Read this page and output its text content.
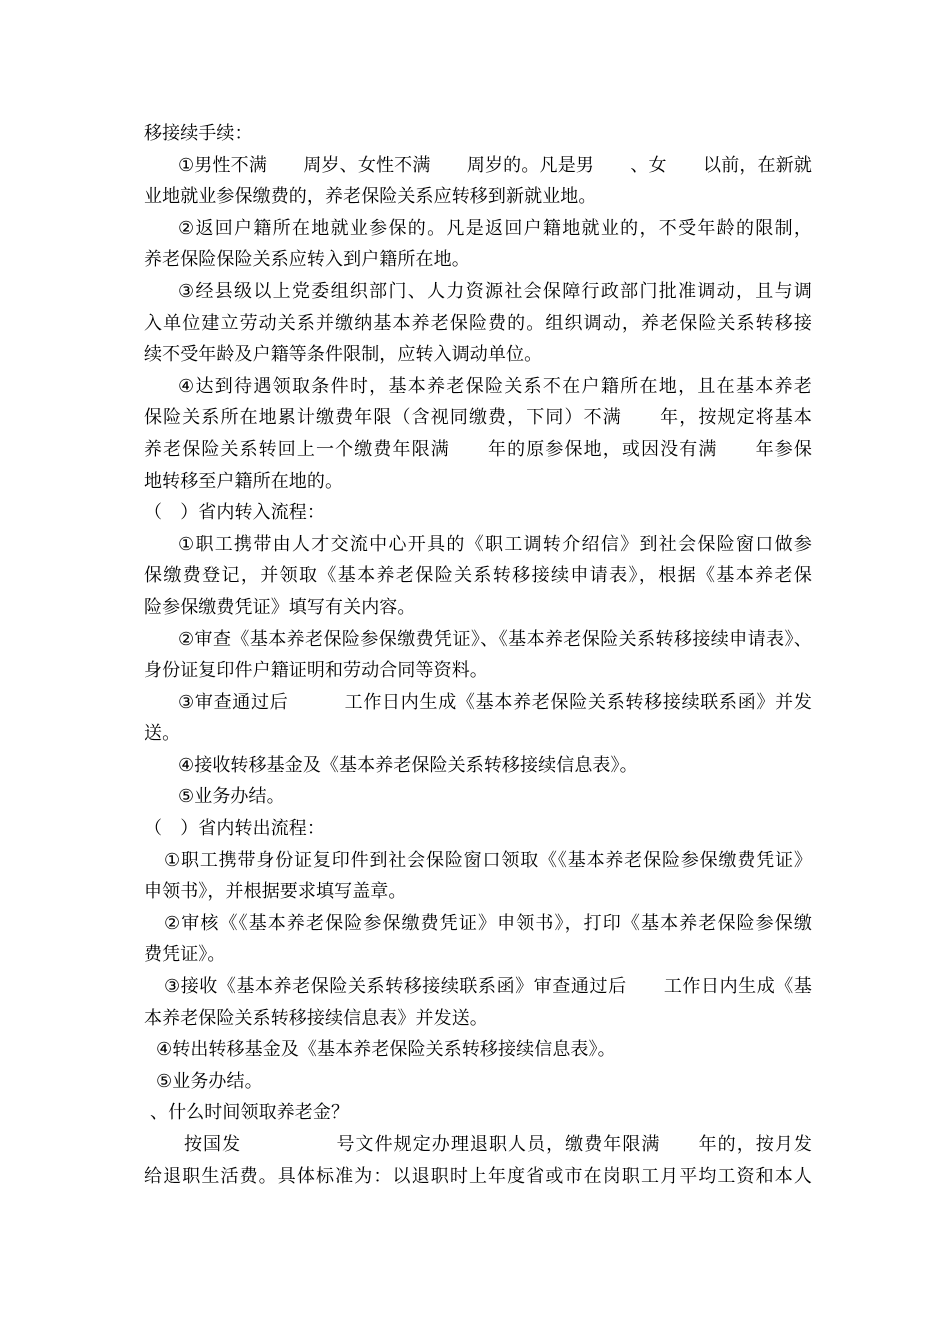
移接续手续：
①男性不满　　周岁、女性不满　　周岁的。凡是男　　、女　　以前，在新就
业地就业参保缴费的，养老保险关系应转移到新就业地。
②返回户籍所在地就业参保的。凡是返回户籍地就业的，不受年龄的限制，
养老保险保险关系应转入到户籍所在地。
③经县级以上党委组织部门、人力资源社会保障行政部门批准调动，且与调
入单位建立劳动关系并缴纳基本养老保险费的。组织调动，养老保险关系转移接
续不受年龄及户籍等条件限制，应转入调动单位。
④达到待遇领取条件时，基本养老保险关系不在户籍所在地，且在基本养老
保险关系所在地累计缴费年限（含视同缴费，下同）不满　　年，按规定将基本
养老保险关系转回上一个缴费年限满　　年的原参保地，或因没有满　　年参保
地转移至户籍所在地的。
（　）省内转入流程：
①职工携带由人才交流中心开具的《职工调转介绍信》到社会保险窗口做参
保缴费登记，并领取《基本养老保险关系转移接续申请表》，根据《基本养老保
险参保缴费凭证》填写有关内容。
②审查《基本养老保险参保缴费凭证》、《基本养老保险关系转移接续申请表》、
身份证复印件户籍证明和劳动合同等资料。
③审查通过后　　　工作日内生成《基本养老保险关系转移接续联系函》并发
送。
④接收转移基金及《基本养老保险关系转移接续信息表》。
⑤业务办结。
（　）省内转出流程：
①职工携带身份证复印件到社会保险窗口领取《《基本养老保险参保缴费凭证》
申领书》，并根据要求填写盖章。
②审核《《基本养老保险参保缴费凭证》申领书》，打印《基本养老保险参保缴
费凭证》。
③接收《基本养老保险关系转移接续联系函》审查通过后　　工作日内生成《基
本养老保险关系转移接续信息表》并发送。
④转出转移基金及《基本养老保险关系转移接续信息表》。
⑤业务办结。
、什么时间领取养老金？
按国发　　　　　号文件规定办理退职人员，缴费年限满　　年的，按月发
给退职生活费。具体标准为：以退职时上年度省或市在岗职工月平均工资和本人
